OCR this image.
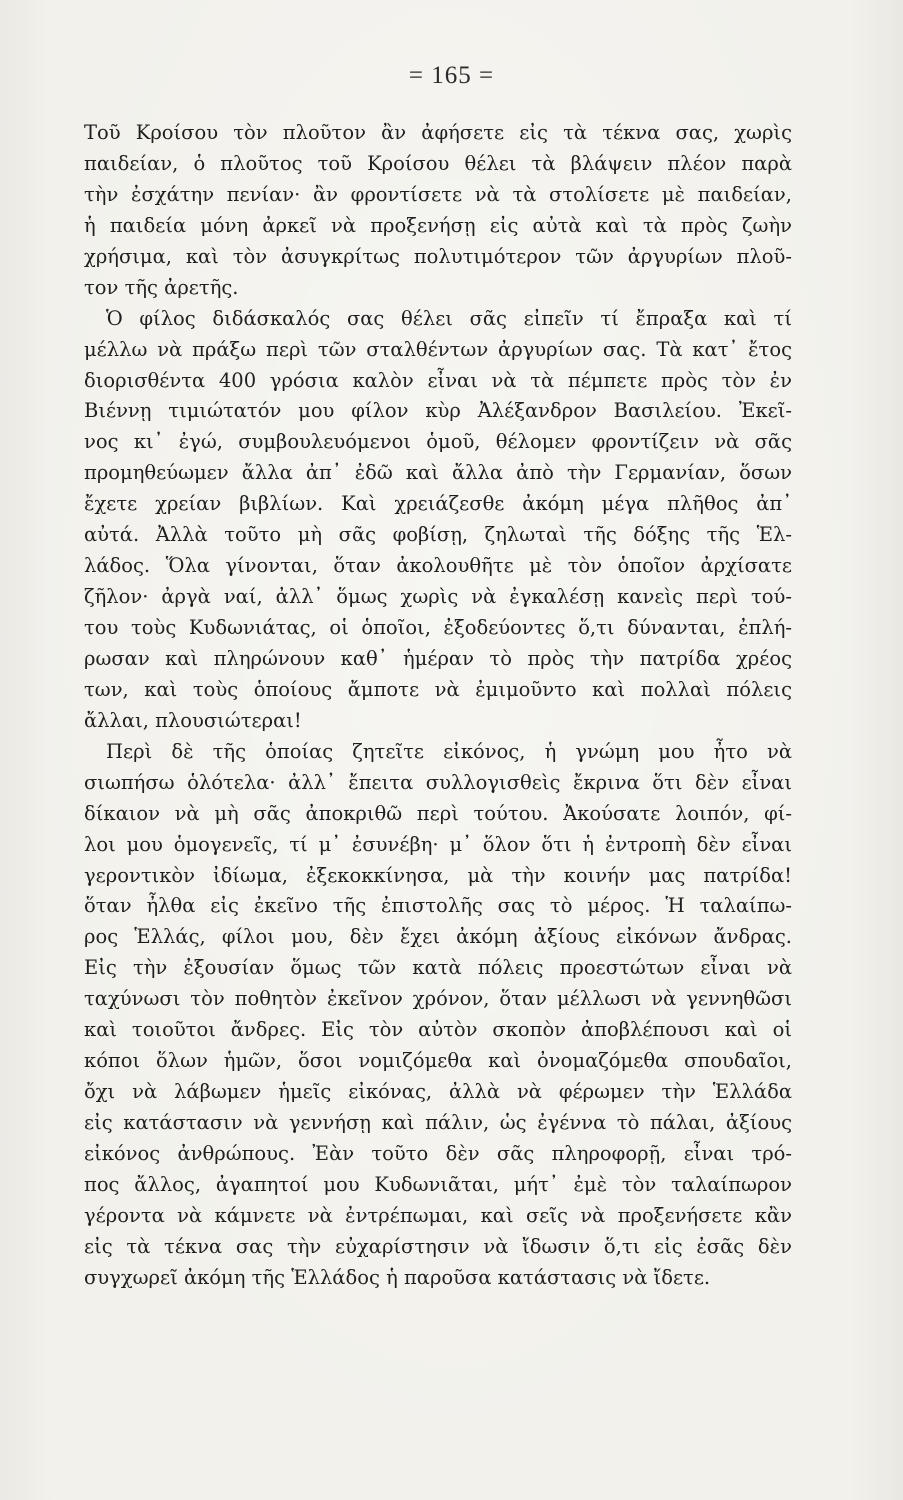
= 165 =
Τοῦ Κροίσου τὸν πλοῦτον ἂν ἀφήσετε εἰς τὰ τέκνα σας, χωρὶς
παιδείαν, ὁ πλοῦτος τοῦ Κροίσου θέλει τὰ βλάψειν πλέον παρὰ
τὴν ἐσχάτην πενίαν· ἂν φροντίσετε νὰ τὰ στολίσετε μὲ παιδείαν,
ἡ παιδεία μόνη ἀρκεῖ νὰ προξενήσῃ εἰς αὐτὰ καὶ τὰ πρὸς ζωὴν
χρήσιμα, καὶ τὸν ἀσυγκρίτως πολυτιμότερον τῶν ἀργυρίων πλοῦ-
τον τῆς ἀρετῆς.
Ὁ φίλος διδάσκαλός σας θέλει σᾶς εἰπεῖν τί ἔπραξα καὶ τί
μέλλω νὰ πράξω περὶ τῶν σταλθέντων ἀργυρίων σας. Τὰ κατ᾿ ἔτος
διορισθέντα 400 γρόσια καλὸν εἶναι νὰ τὰ πέμπετε πρὸς τὸν ἐν
Βιέννῃ τιμιώτατόν μου φίλον κὺρ Ἀλέξανδρον Βασιλείου. Ἐκεῖ-
νος κι᾿ ἐγώ, συμβουλευόμενοι ὁμοῦ, θέλομεν φροντίζειν νὰ σᾶς
προμηθεύωμεν ἄλλα ἀπ᾿ ἐδῶ καὶ ἄλλα ἀπὸ τὴν Γερμανίαν, ὅσων
ἔχετε χρείαν βιβλίων. Καὶ χρειάζεσθε ἀκόμη μέγα πλῆθος ἀπ᾿
αὐτά. Ἀλλὰ τοῦτο μὴ σᾶς φοβίσῃ, ζηλωταὶ τῆς δόξης τῆς Ἑλ-
λάδος. Ὅλα γίνονται, ὅταν ἀκολουθῆτε μὲ τὸν ὁποῖον ἀρχίσατε
ζῆλον· ἀργὰ ναί, ἀλλ᾿ ὅμως χωρὶς νὰ ἐγκαλέσῃ κανεὶς περὶ τού-
του τοὺς Κυδωνιάτας, οἱ ὁποῖοι, ἐξοδεύοντες ὅ,τι δύνανται, ἐπλή-
ρωσαν καὶ πληρώνουν καθ᾿ ἡμέραν τὸ πρὸς τὴν πατρίδα χρέος
των, καὶ τοὺς ὁποίους ἄμποτε νὰ ἐμιμοῦντο καὶ πολλαὶ πόλεις
ἄλλαι, πλουσιώτεραι!
Περὶ δὲ τῆς ὁποίας ζητεῖτε εἰκόνος, ἡ γνώμη μου ἦτο νὰ
σιωπήσω ὁλότελα· ἀλλ᾿ ἔπειτα συλλογισθεὶς ἔκρινα ὅτι δὲν εἶναι
δίκαιον νὰ μὴ σᾶς ἀποκριθῶ περὶ τούτου. Ἀκούσατε λοιπόν, φί-
λοι μου ὁμογενεῖς, τί μ᾿ ἐσυνέβη· μ᾿ ὅλον ὅτι ἡ ἐντροπὴ δὲν εἶναι
γεροντικὸν ἰδίωμα, ἐξεκοκκίνησα, μὰ τὴν κοινήν μας πατρίδα!
ὅταν ἦλθα εἰς ἐκεῖνο τῆς ἐπιστολῆς σας τὸ μέρος. Ἡ ταλαίπω-
ρος Ἑλλάς, φίλοι μου, δὲν ἔχει ἀκόμη ἀξίους εἰκόνων ἄνδρας.
Εἰς τὴν ἐξουσίαν ὅμως τῶν κατὰ πόλεις προεστώτων εἶναι νὰ
ταχύνωσι τὸν ποθητὸν ἐκεῖνον χρόνον, ὅταν μέλλωσι νὰ γεννηθῶσι
καὶ τοιοῦτοι ἄνδρες. Εἰς τὸν αὐτὸν σκοπὸν ἀποβλέπουσι καὶ οἱ
κόποι ὅλων ἡμῶν, ὅσοι νομιζόμεθα καὶ ὀνομαζόμεθα σπουδαῖοι,
ὄχι νὰ λάβωμεν ἡμεῖς εἰκόνας, ἀλλὰ νὰ φέρωμεν τὴν Ἑλλάδα
εἰς κατάστασιν νὰ γεννήσῃ καὶ πάλιν, ὡς ἐγέννα τὸ πάλαι, ἀξίους
εἰκόνος ἀνθρώπους. Ἐὰν τοῦτο δὲν σᾶς πληροφορῇ, εἶναι τρό-
πος ἄλλος, ἀγαπητοί μου Κυδωνιᾶται, μήτ᾿ ἐμὲ τὸν ταλαίπωρον
γέροντα νὰ κάμνετε νὰ ἐντρέπωμαι, καὶ σεῖς νὰ προξενήσετε κἂν
εἰς τὰ τέκνα σας τὴν εὐχαρίστησιν νὰ ἴδωσιν ὅ,τι εἰς ἐσᾶς δὲν
συγχωρεῖ ἀκόμη τῆς Ἑλλάδος ἡ παροῦσα κατάστασις νὰ ἴδετε.
